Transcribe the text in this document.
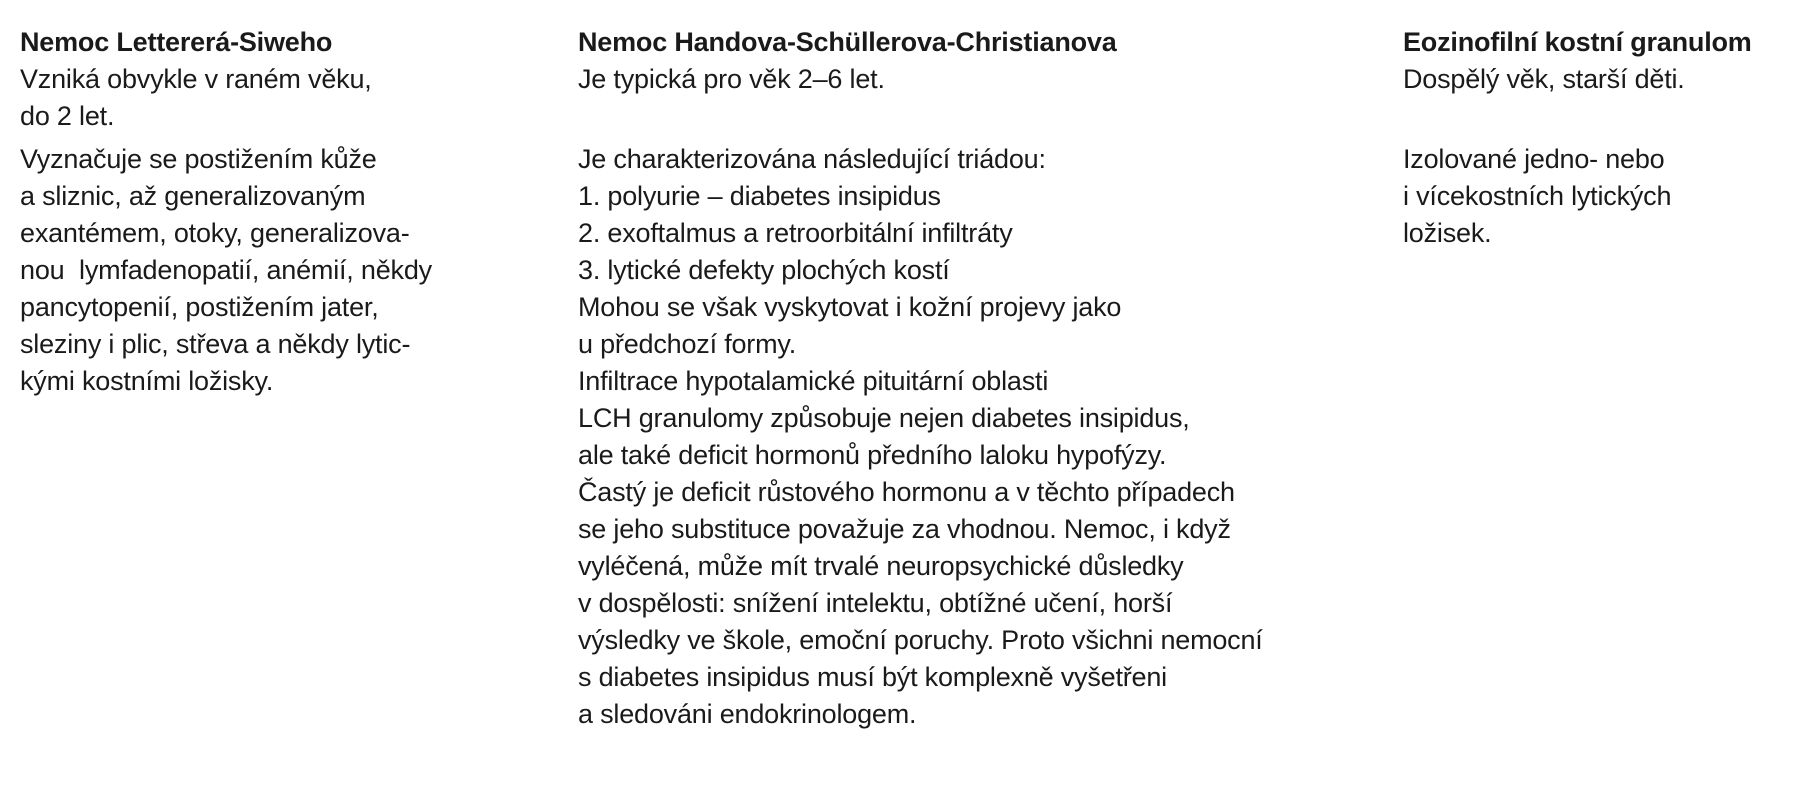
Nemoc Lettererá-Siweho
Vzniká obvykle v raném věku,
do 2 let.
Vyznačuje se postižením kůže
a sliznic, až generalizovaným
exantémem, otoky, generalizova-
nou  lymfadenopatií, anémií, někdy
pancytopenií, postižením jater,
sleziny i plic, střeva a někdy lytic-
kými kostními ložisky.
Nemoc Handova-Schüllerova-Christianova
Je typická pro věk 2–6 let.
Je charakterizována následující triádou:
1. polyurie – diabetes insipidus
2. exoftalmus a retroorbitální infiltráty
3. lytické defekty plochých kostí
Mohou se však vyskytovat i kožní projevy jako
u předchozí formy.
Infiltrace hypotalamické pituitární oblasti
LCH granulomy způsobuje nejen diabetes insipidus,
ale také deficit hormonů předního laloku hypofýzy.
Častý je deficit růstového hormonu a v těchto případech
se jeho substituce považuje za vhodnou. Nemoc, i když
vyléčená, může mít trvalé neuropsychické důsledky
v dospělosti: snížení intelektu, obtížné učení, horší
výsledky ve škole, emoční poruchy. Proto všichni nemocní
s diabetes insipidus musí být komplexně vyšetřeni
a sledováni endokrinologem.
Eozinofilní kostní granulom
Dospělý věk, starší děti.
Izolované jedno- nebo
i vícekostních lytických
ložisek.
